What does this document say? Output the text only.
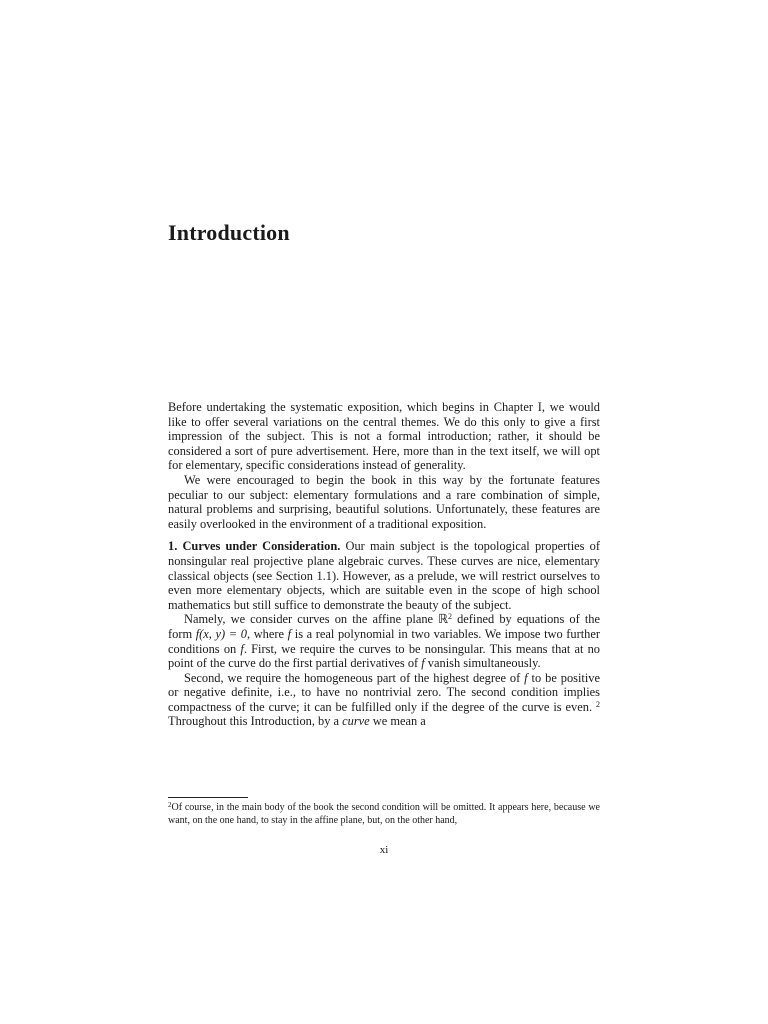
Introduction

Before undertaking the systematic exposition, which begins in Chapter I, we would like to offer several variations on the central themes. We do this only to give a first impression of the subject. This is not a formal introduction; rather, it should be considered a sort of pure advertisement. Here, more than in the text itself, we will opt for elementary, specific considerations instead of generality.

We were encouraged to begin the book in this way by the fortunate features peculiar to our subject: elementary formulations and a rare combination of simple, natural problems and surprising, beautiful solutions. Unfortunately, these features are easily overlooked in the environment of a traditional exposition.

1. Curves under Consideration. Our main subject is the topological properties of nonsingular real projective plane algebraic curves. These curves are nice, elementary classical objects (see Section 1.1). However, as a prelude, we will restrict ourselves to even more elementary objects, which are suitable even in the scope of high school mathematics but still suffice to demonstrate the beauty of the subject.

Namely, we consider curves on the affine plane ℝ$^2$ defined by equations of the form f(x, y) = 0, where f is a real polynomial in two variables. We impose two further conditions on f. First, we require the curves to be nonsingular. This means that at no point of the curve do the first partial derivatives of f vanish simultaneously.

Second, we require the homogeneous part of the highest degree of f to be positive or negative definite, i.e., to have no nontrivial zero. The second condition implies compactness of the curve; it can be fulfilled only if the degree of the curve is even. $^2$ Throughout this Introduction, by a curve we mean a

$^2$Of course, in the main body of the book the second condition will be omitted. It appears here, because we want, on the one hand, to stay in the affine plane, but, on the other hand,

xi
